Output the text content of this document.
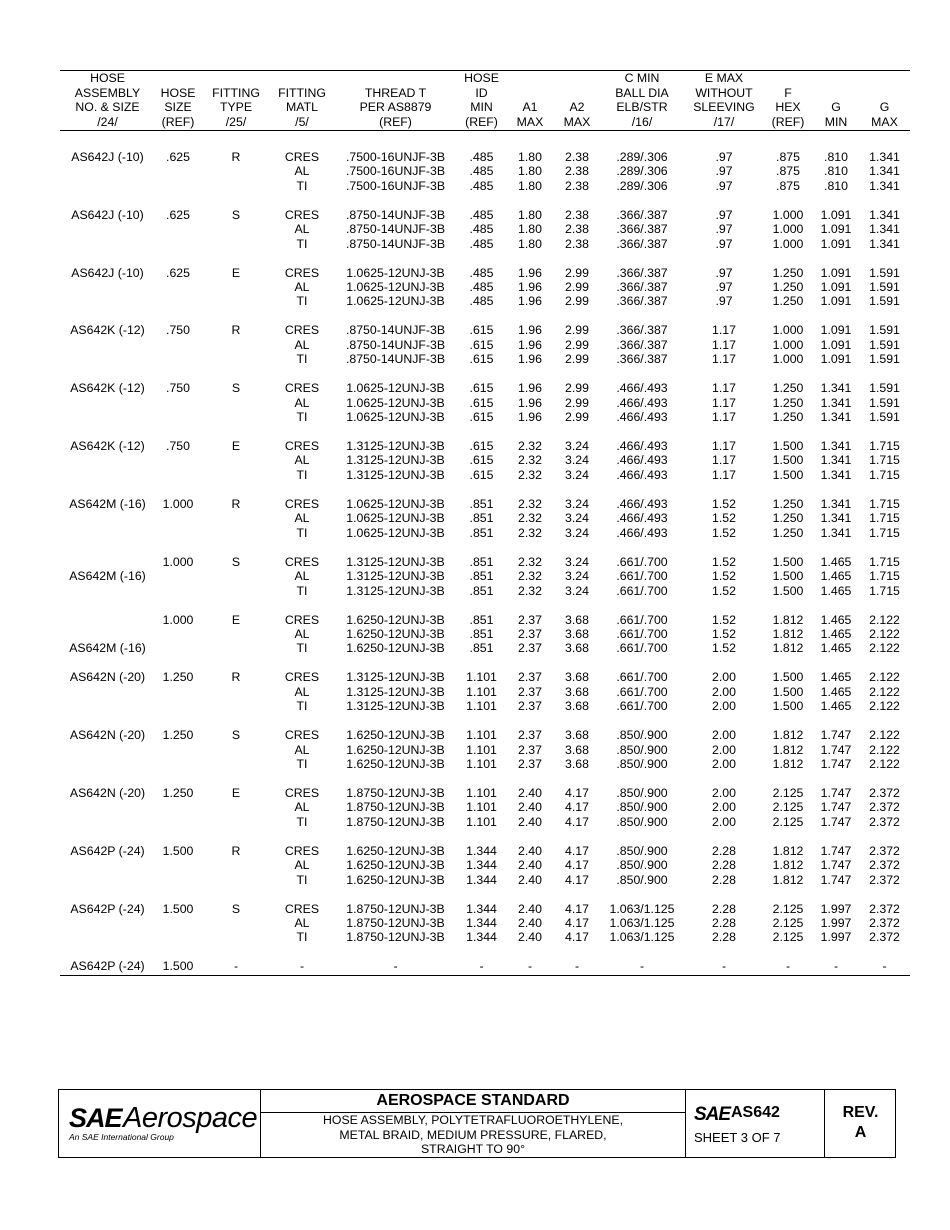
HOSE
ASSEMBLY
NO. & SIZE
/24/	HOSE
SIZE
(REF)	FITTING
TYPE
/25/	FITTING
MATL
/5/	THREAD T
PER AS8879
(REF)	HOSE
ID
MIN
(REF)	A1
MAX	A2
MAX	C MIN
BALL DIA
ELB/STR
/16/	E MAX
WITHOUT
SLEEVING
/17/	F
HEX
(REF)	G
MIN	G
MAX
AS642J (-10)	.625	R	CRES	.7500-16UNJF-3B	.485	1.80	2.38	.289/.306	.97	.875	.810	1.341
			AL	.7500-16UNJF-3B	.485	1.80	2.38	.289/.306	.97	.875	.810	1.341
			TI	.7500-16UNJF-3B	.485	1.80	2.38	.289/.306	.97	.875	.810	1.341
AS642J (-10)	.625	S	CRES	.8750-14UNJF-3B	.485	1.80	2.38	.366/.387	.97	1.000	1.091	1.341
			AL	.8750-14UNJF-3B	.485	1.80	2.38	.366/.387	.97	1.000	1.091	1.341
			TI	.8750-14UNJF-3B	.485	1.80	2.38	.366/.387	.97	1.000	1.091	1.341
AS642J (-10)	.625	E	CRES	1.0625-12UNJ-3B	.485	1.96	2.99	.366/.387	.97	1.250	1.091	1.591
			AL	1.0625-12UNJ-3B	.485	1.96	2.99	.366/.387	.97	1.250	1.091	1.591
			TI	1.0625-12UNJ-3B	.485	1.96	2.99	.366/.387	.97	1.250	1.091	1.591
AS642K (-12)	.750	R	CRES	.8750-14UNJF-3B	.615	1.96	2.99	.366/.387	1.17	1.000	1.091	1.591
			AL	.8750-14UNJF-3B	.615	1.96	2.99	.366/.387	1.17	1.000	1.091	1.591
			TI	.8750-14UNJF-3B	.615	1.96	2.99	.366/.387	1.17	1.000	1.091	1.591
AS642K (-12)	.750	S	CRES	1.0625-12UNJ-3B	.615	1.96	2.99	.466/.493	1.17	1.250	1.341	1.591
			AL	1.0625-12UNJ-3B	.615	1.96	2.99	.466/.493	1.17	1.250	1.341	1.591
			TI	1.0625-12UNJ-3B	.615	1.96	2.99	.466/.493	1.17	1.250	1.341	1.591
AS642K (-12)	.750	E	CRES	1.3125-12UNJ-3B	.615	2.32	3.24	.466/.493	1.17	1.500	1.341	1.715
			AL	1.3125-12UNJ-3B	.615	2.32	3.24	.466/.493	1.17	1.500	1.341	1.715
			TI	1.3125-12UNJ-3B	.615	2.32	3.24	.466/.493	1.17	1.500	1.341	1.715
AS642M (-16)	1.000	R	CRES	1.0625-12UNJ-3B	.851	2.32	3.24	.466/.493	1.52	1.250	1.341	1.715
			AL	1.0625-12UNJ-3B	.851	2.32	3.24	.466/.493	1.52	1.250	1.341	1.715
			TI	1.0625-12UNJ-3B	.851	2.32	3.24	.466/.493	1.52	1.250	1.341	1.715
	1.000	S	CRES	1.3125-12UNJ-3B	.851	2.32	3.24	.661/.700	1.52	1.500	1.465	1.715
AS642M (-16)			AL	1.3125-12UNJ-3B	.851	2.32	3.24	.661/.700	1.52	1.500	1.465	1.715
			TI	1.3125-12UNJ-3B	.851	2.32	3.24	.661/.700	1.52	1.500	1.465	1.715
	1.000	E	CRES	1.6250-12UNJ-3B	.851	2.37	3.68	.661/.700	1.52	1.812	1.465	2.122
			AL	1.6250-12UNJ-3B	.851	2.37	3.68	.661/.700	1.52	1.812	1.465	2.122
AS642M (-16)			TI	1.6250-12UNJ-3B	.851	2.37	3.68	.661/.700	1.52	1.812	1.465	2.122
AS642N (-20)	1.250	R	CRES	1.3125-12UNJ-3B	1.101	2.37	3.68	.661/.700	2.00	1.500	1.465	2.122
			AL	1.3125-12UNJ-3B	1.101	2.37	3.68	.661/.700	2.00	1.500	1.465	2.122
			TI	1.3125-12UNJ-3B	1.101	2.37	3.68	.661/.700	2.00	1.500	1.465	2.122
AS642N (-20)	1.250	S	CRES	1.6250-12UNJ-3B	1.101	2.37	3.68	.850/.900	2.00	1.812	1.747	2.122
			AL	1.6250-12UNJ-3B	1.101	2.37	3.68	.850/.900	2.00	1.812	1.747	2.122
			TI	1.6250-12UNJ-3B	1.101	2.37	3.68	.850/.900	2.00	1.812	1.747	2.122
AS642N (-20)	1.250	E	CRES	1.8750-12UNJ-3B	1.101	2.40	4.17	.850/.900	2.00	2.125	1.747	2.372
			AL	1.8750-12UNJ-3B	1.101	2.40	4.17	.850/.900	2.00	2.125	1.747	2.372
			TI	1.8750-12UNJ-3B	1.101	2.40	4.17	.850/.900	2.00	2.125	1.747	2.372
AS642P (-24)	1.500	R	CRES	1.6250-12UNJ-3B	1.344	2.40	4.17	.850/.900	2.28	1.812	1.747	2.372
			AL	1.6250-12UNJ-3B	1.344	2.40	4.17	.850/.900	2.28	1.812	1.747	2.372
			TI	1.6250-12UNJ-3B	1.344	2.40	4.17	.850/.900	2.28	1.812	1.747	2.372
AS642P (-24)	1.500	S	CRES	1.8750-12UNJ-3B	1.344	2.40	4.17	1.063/1.125	2.28	2.125	1.997	2.372
			AL	1.8750-12UNJ-3B	1.344	2.40	4.17	1.063/1.125	2.28	2.125	1.997	2.372
			TI	1.8750-12UNJ-3B	1.344	2.40	4.17	1.063/1.125	2.28	2.125	1.997	2.372
AS642P (-24)	1.500	-	-	-	-	-	-	-	-	-	-	-
SAE Aerospace
An SAE International Group
AEROSPACE STANDARD
HOSE ASSEMBLY, POLYTETRAFLUOROETHYLENE,
METAL BRAID, MEDIUM PRESSURE, FLARED,
STRAIGHT TO 90°
SAE AS642
SHEET 3 OF 7
REV.
A
